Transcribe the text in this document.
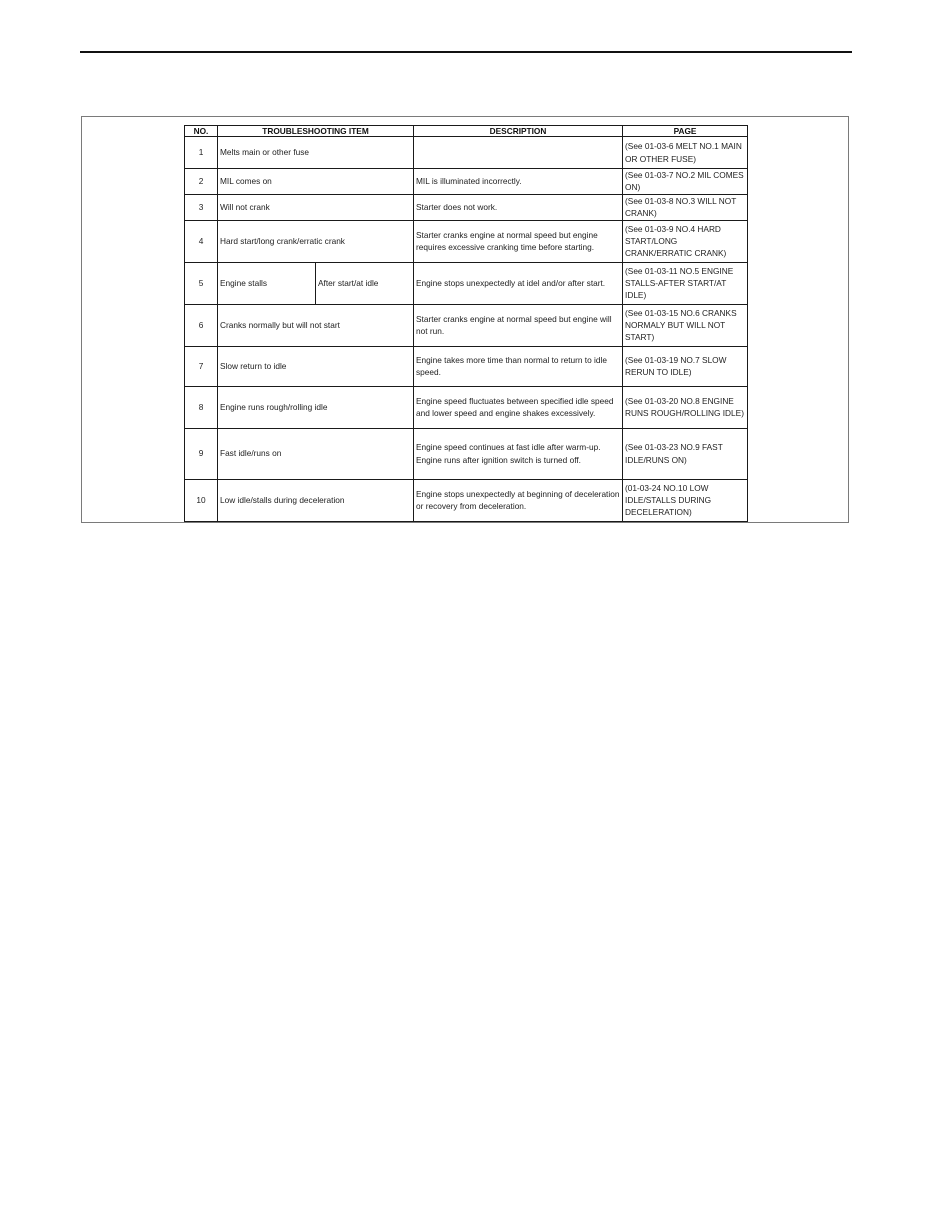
NO.	TROUBLESHOOTING ITEM		DESCRIPTION	PAGE
1	Melts main or other fuse			(See 01-03-6 MELT NO.1 MAIN OR OTHER FUSE)
2	MIL comes on		MIL is illuminated incorrectly.	(See 01-03-7 NO.2 MIL COMES ON)
3	Will not crank		Starter does not work.	(See 01-03-8 NO.3 WILL NOT CRANK)
4	Hard start/long crank/erratic crank		Starter cranks engine at normal speed but engine requires excessive cranking time before starting.	(See 01-03-9 NO.4 HARD START/LONG CRANK/ERRATIC CRANK)
5	Engine stalls	After start/at idle	Engine stops unexpectedly at idel and/or after start.	(See 01-03-11 NO.5 ENGINE STALLS-AFTER START/AT IDLE)
6	Cranks normally but will not start		Starter cranks engine at normal speed but engine will not run.	(See 01-03-15 NO.6 CRANKS NORMALY BUT WILL NOT START)
7	Slow return to idle		Engine takes more time than normal to return to idle speed.	(See 01-03-19 NO.7 SLOW RERUN TO IDLE)
8	Engine runs rough/rolling idle		Engine speed fluctuates between specified idle speed and lower speed and engine shakes excessively.	(See 01-03-20 NO.8 ENGINE RUNS ROUGH/ROLLING IDLE)
9	Fast idle/runs on		Engine speed continues at fast idle after warm-up.
Engine runs after ignition switch is turned off.	(See 01-03-23 NO.9 FAST IDLE/RUNS ON)
10	Low idle/stalls during deceleration		Engine stops unexpectedly at beginning of deceleration or recovery from deceleration.	(01-03-24 NO.10 LOW IDLE/STALLS DURING DECELERATION)
